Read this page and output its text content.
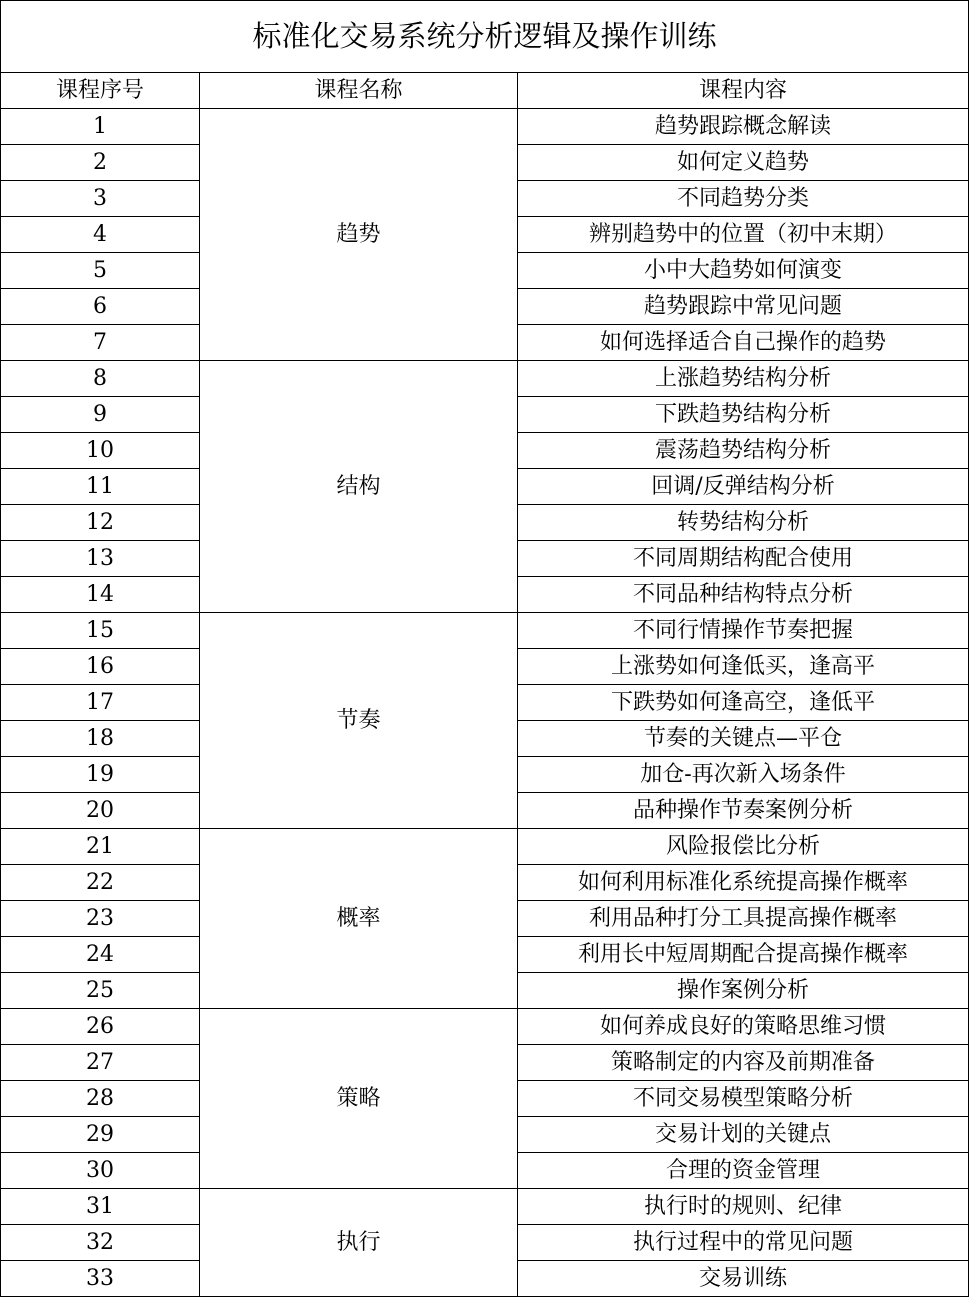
标准化交易系统分析逻辑及操作训练		
课程序号	课程名称	课程内容
1	趋势	趋势跟踪概念解读
2		如何定义趋势
3		不同趋势分类
4		辨别趋势中的位置（初中末期）
5		小中大趋势如何演变
6		趋势跟踪中常见问题
7		如何选择适合自己操作的趋势
8	结构	上涨趋势结构分析
9		下跌趋势结构分析
10		震荡趋势结构分析
11		回调/反弹结构分析
12		转势结构分析
13		不同周期结构配合使用
14		不同品种结构特点分析
15	节奏	不同行情操作节奏把握
16		上涨势如何逢低买，逢高平
17		下跌势如何逢高空，逢低平
18		节奏的关键点—平仓
19		加仓-再次新入场条件
20		品种操作节奏案例分析
21	概率	风险报偿比分析
22		如何利用标准化系统提高操作概率
23		利用品种打分工具提高操作概率
24		利用长中短周期配合提高操作概率
25		操作案例分析
26	策略	如何养成良好的策略思维习惯
27		策略制定的内容及前期准备
28		不同交易模型策略分析
29		交易计划的关键点
30		合理的资金管理
31	执行	执行时的规则、纪律
32		执行过程中的常见问题
33		交易训练
